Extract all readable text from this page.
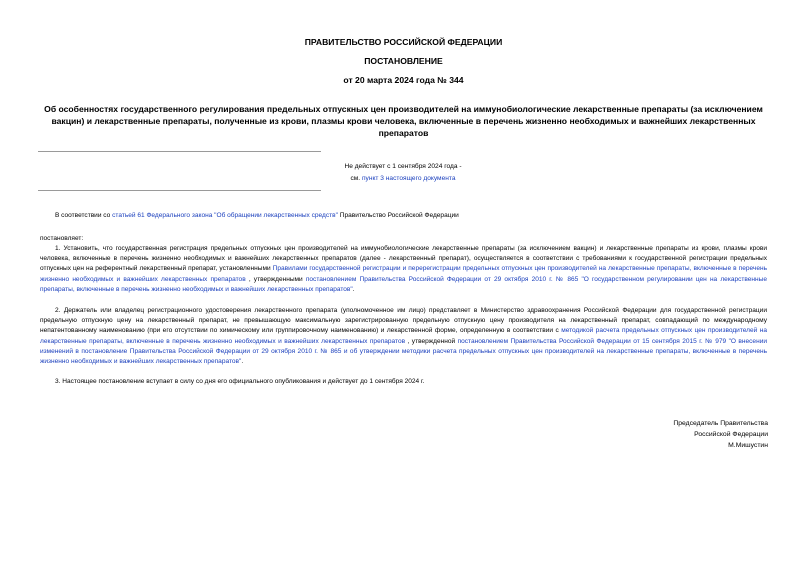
ПРАВИТЕЛЬСТВО РОССИЙСКОЙ ФЕДЕРАЦИИ
ПОСТАНОВЛЕНИЕ
от 20 марта 2024 года № 344
Об особенностях государственного регулирования предельных отпускных цен производителей на иммунобиологические лекарственные препараты (за исключением вакцин) и лекарственные препараты, полученные из крови, плазмы крови человека, включенные в перечень жизненно необходимых и важнейших лекарственных препаратов
Не действует с 1 сентября 2024 года -
см. пункт 3 настоящего документа
В соответствии со статьей 61 Федерального закона "Об обращении лекарственных средств" Правительство Российской Федерации
постановляет:
1. Установить, что государственная регистрация предельных отпускных цен производителей на иммунобиологические лекарственные препараты (за исключением вакцин) и лекарственные препараты из крови, плазмы крови человека, включенные в перечень жизненно необходимых и важнейших лекарственных препаратов (далее - лекарственный препарат), осуществляется в соответствии с требованиями к государственной регистрации предельных отпускных цен на референтный лекарственный препарат, установленными Правилами государственной регистрации и перерегистрации предельных отпускных цен производителей на лекарственные препараты, включенные в перечень жизненно необходимых и важнейших лекарственных препаратов , утвержденными постановлением Правительства Российской Федерации от 29 октября 2010 г. № 865 "О государственном регулировании цен на лекарственные препараты, включенные в перечень жизненно необходимых и важнейших лекарственных препаратов".
2. Держатель или владелец регистрационного удостоверения лекарственного препарата (уполномоченное им лицо) представляет в Министерство здравоохранения Российской Федерации для государственной регистрации предельную отпускную цену на лекарственный препарат, не превышающую максимальную зарегистрированную предельную отпускную цену производителя на лекарственный препарат, совпадающий по международному непатентованному наименованию (при его отсутствии по химическому или группировочному наименованию) и лекарственной форме, определенную в соответствии с методикой расчета предельных отпускных цен производителей на лекарственные препараты, включенные в перечень жизненно необходимых и важнейших лекарственных препаратов , утвержденной постановлением Правительства Российской Федерации от 15 сентября 2015 г. № 979 "О внесении изменений в постановление Правительства Российской Федерации от 29 октября 2010 г. № 865 и об утверждении методики расчета предельных отпускных цен производителей на лекарственные препараты, включенные в перечень жизненно необходимых и важнейших лекарственных препаратов".
3. Настоящее постановление вступает в силу со дня его официального опубликования и действует до 1 сентября 2024 г.
Председатель Правительства
Российской Федерации
М.Мишустин
